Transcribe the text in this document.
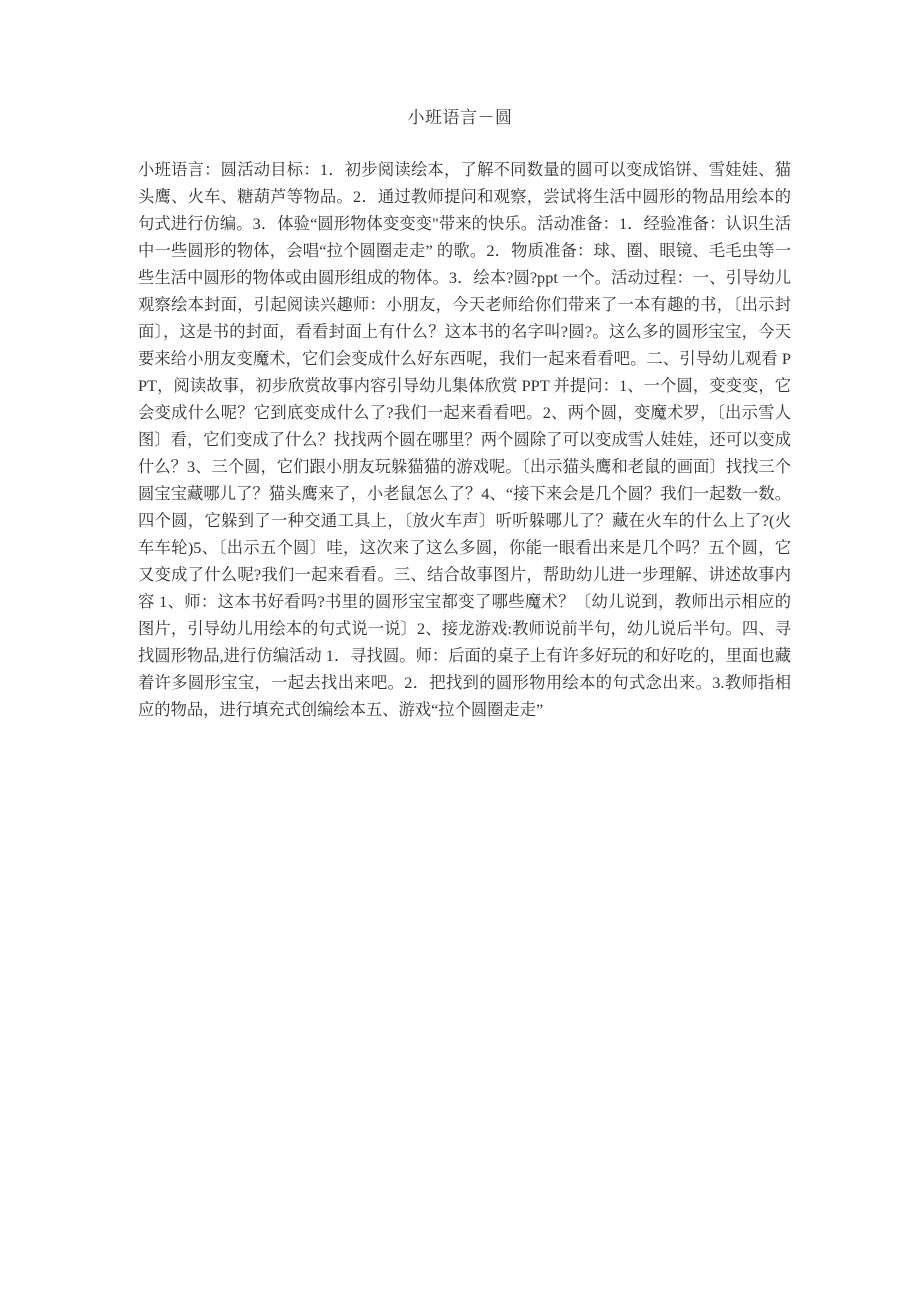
小班语言－圆
小班语言：圆活动目标：1．初步阅读绘本，了解不同数量的圆可以变成馅饼、雪娃娃、猫头鹰、火车、糖葫芦等物品。2．通过教师提问和观察，尝试将生活中圆形的物品用绘本的句式进行仿编。3．体验“圆形物体变变变"带来的快乐。活动准备：1．经验准备：认识生活中一些圆形的物体，会唱“拉个圆圈走走” 的歌。2．物质准备：球、圈、眼镜、毛毛虫等一些生活中圆形的物体或由圆形组成的物体。3．绘本?圆?ppt 一个。活动过程：一、引导幼儿观察绘本封面，引起阅读兴趣师：小朋友，今天老师给你们带来了一本有趣的书，〔出示封面〕，这是书的封面，看看封面上有什么？这本书的名字叫?圆?。这么多的圆形宝宝，今天要来给小朋友变魔术，它们会变成什么好东西呢，我们一起来看看吧。二、引导幼儿观看 PPT，阅读故事，初步欣赏故事内容引导幼儿集体欣赏 PPT 并提问：1、一个圆，变变变，它会变成什么呢？它到底变成什么了?我们一起来看看吧。2、两个圆，变魔术罗，〔出示雪人图〕看，它们变成了什么？找找两个圆在哪里？两个圆除了可以变成雪人娃娃，还可以变成什么？3、三个圆，它们跟小朋友玩躲猫猫的游戏呢。〔出示猫头鹰和老鼠的画面〕找找三个圆宝宝藏哪儿了？猫头鹰来了，小老鼠怎么了？4、“接下来会是几个圆？我们一起数一数。四个圆，它躲到了一种交通工具上，〔放火车声〕听听躲哪儿了？藏在火车的什么上了?(火车车轮)5、〔出示五个圆〕哇，这次来了这么多圆，你能一眼看出来是几个吗？五个圆，它又变成了什么呢?我们一起来看看。三、结合故事图片，帮助幼儿进一步理解、讲述故事内容 1、师：这本书好看吗?书里的圆形宝宝都变了哪些魔术？〔幼儿说到，教师出示相应的图片，引导幼儿用绘本的句式说一说〕2、接龙游戏:教师说前半句，幼儿说后半句。四、寻找圆形物品,进行仿编活动 1．寻找圆。师：后面的桌子上有许多好玩的和好吃的，里面也藏着许多圆形宝宝，一起去找出来吧。2．把找到的圆形物用绘本的句式念出来。3.教师指相应的物品，进行填充式创编绘本五、游戏“拉个圆圈走走”
